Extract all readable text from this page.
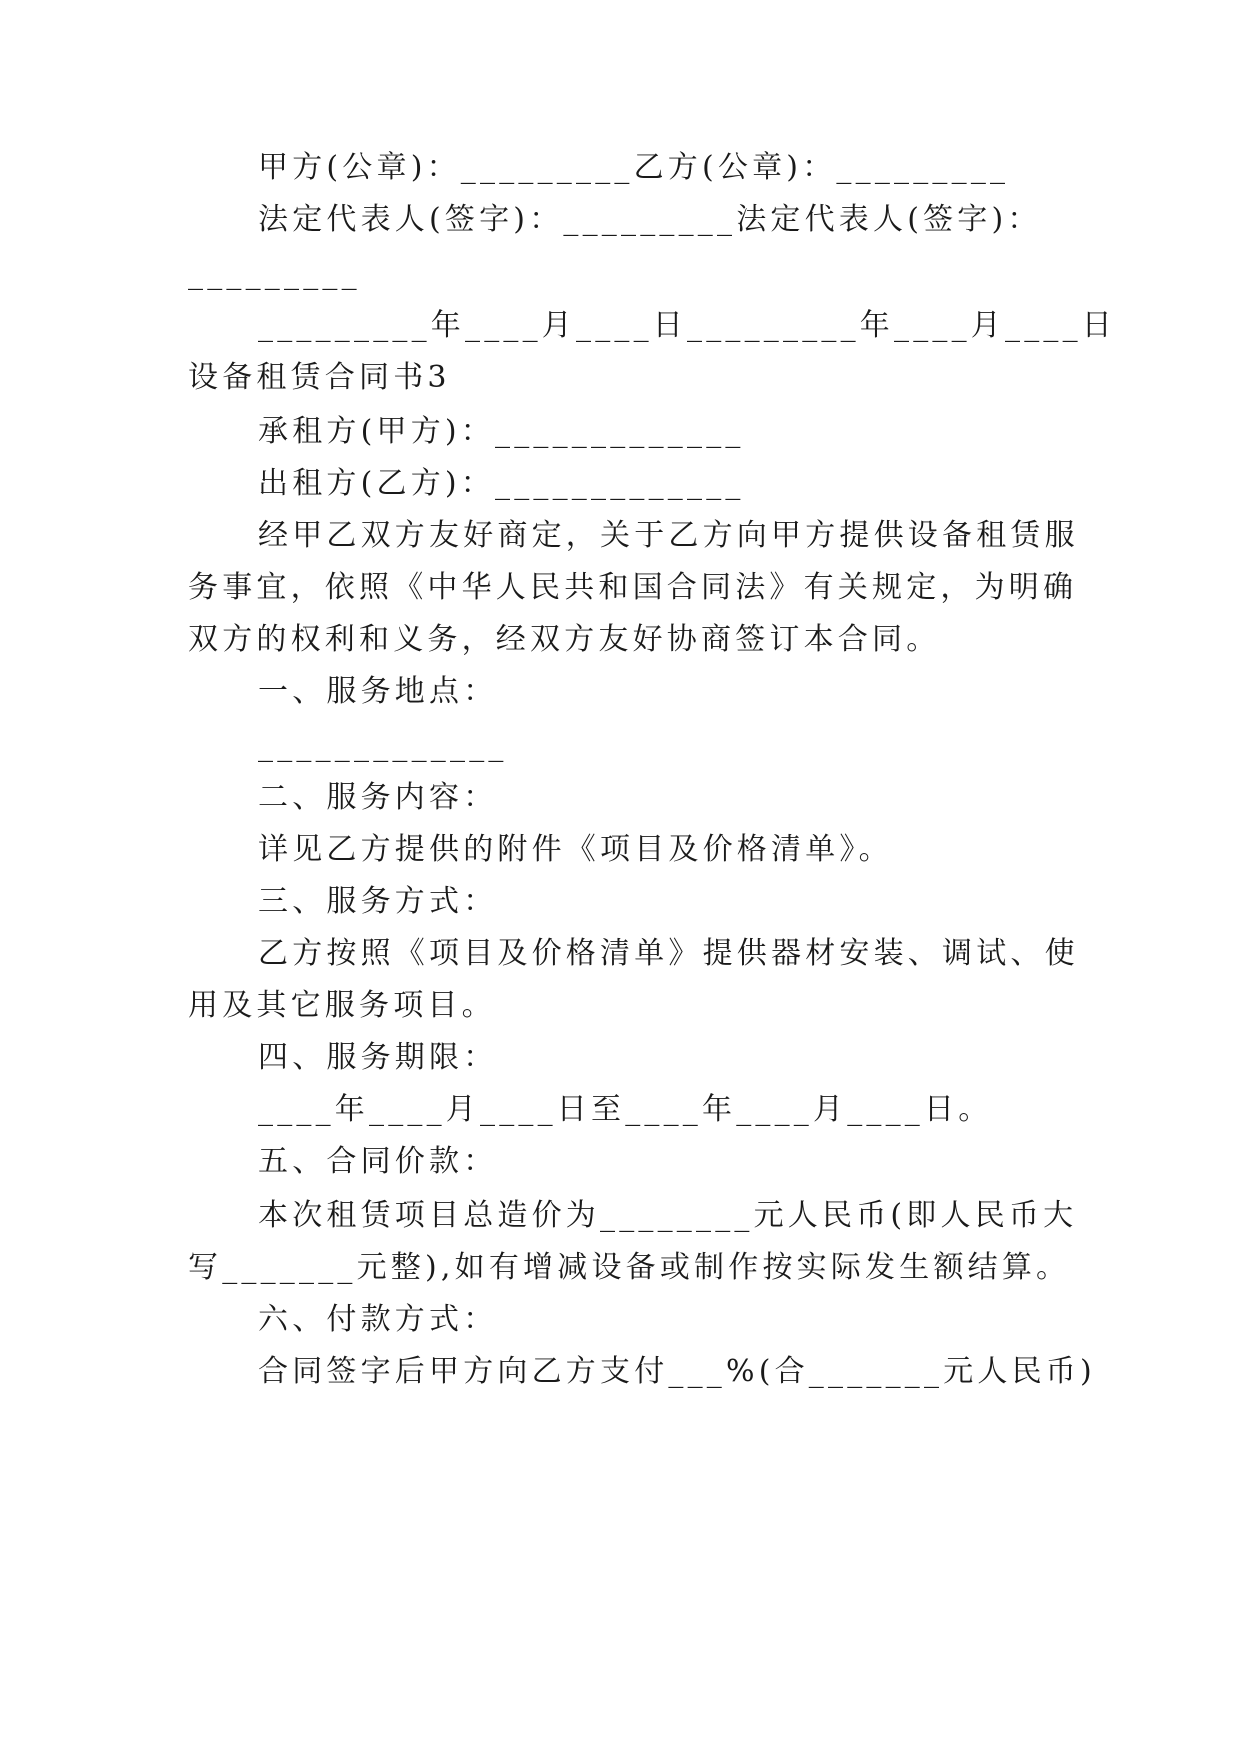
甲方(公章)：_________乙方(公章)：_________
法定代表人(签字)：_________法定代表人(签字)：
_________
_________年____月____日_________年____月____日
设备租赁合同书3
承租方(甲方)：_____________
出租方(乙方)：_____________
经甲乙双方友好商定，关于乙方向甲方提供设备租赁服
务事宜，依照《中华人民共和国合同法》有关规定，为明确
双方的权利和义务，经双方友好协商签订本合同。
一、服务地点：
_____________
二、服务内容：
详见乙方提供的附件《项目及价格清单》。
三、服务方式：
乙方按照《项目及价格清单》提供器材安装、调试、使
用及其它服务项目。
四、服务期限：
____年____月____日至____年____月____日。
五、合同价款：
本次租赁项目总造价为________元人民币(即人民币大
写_______元整),如有增减设备或制作按实际发生额结算。
六、付款方式：
合同签字后甲方向乙方支付___%(合_______元人民币)
